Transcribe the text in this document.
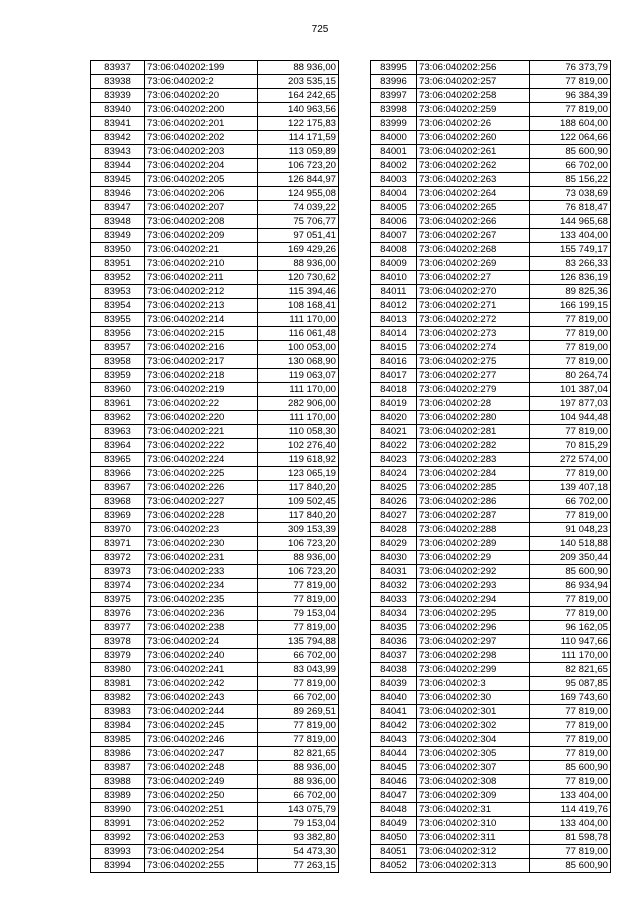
725
83937	73:06:040202:199	88 936,00
83938	73:06:040202:2	203 535,15
83939	73:06:040202:20	164 242,65
83940	73:06:040202:200	140 963,56
83941	73:06:040202:201	122 175,83
83942	73:06:040202:202	114 171,59
83943	73:06:040202:203	113 059,89
83944	73:06:040202:204	106 723,20
83945	73:06:040202:205	126 844,97
83946	73:06:040202:206	124 955,08
83947	73:06:040202:207	74 039,22
83948	73:06:040202:208	75 706,77
83949	73:06:040202:209	97 051,41
83950	73:06:040202:21	169 429,26
83951	73:06:040202:210	88 936,00
83952	73:06:040202:211	120 730,62
83953	73:06:040202:212	115 394,46
83954	73:06:040202:213	108 168,41
83955	73:06:040202:214	111 170,00
83956	73:06:040202:215	116 061,48
83957	73:06:040202:216	100 053,00
83958	73:06:040202:217	130 068,90
83959	73:06:040202:218	119 063,07
83960	73:06:040202:219	111 170,00
83961	73:06:040202:22	282 906,00
83962	73:06:040202:220	111 170,00
83963	73:06:040202:221	110 058,30
83964	73:06:040202:222	102 276,40
83965	73:06:040202:224	119 618,92
83966	73:06:040202:225	123 065,19
83967	73:06:040202:226	117 840,20
83968	73:06:040202:227	109 502,45
83969	73:06:040202:228	117 840,20
83970	73:06:040202:23	309 153,39
83971	73:06:040202:230	106 723,20
83972	73:06:040202:231	88 936,00
83973	73:06:040202:233	106 723,20
83974	73:06:040202:234	77 819,00
83975	73:06:040202:235	77 819,00
83976	73:06:040202:236	79 153,04
83977	73:06:040202:238	77 819,00
83978	73:06:040202:24	135 794,88
83979	73:06:040202:240	66 702,00
83980	73:06:040202:241	83 043,99
83981	73:06:040202:242	77 819,00
83982	73:06:040202:243	66 702,00
83983	73:06:040202:244	89 269,51
83984	73:06:040202:245	77 819,00
83985	73:06:040202:246	77 819,00
83986	73:06:040202:247	82 821,65
83987	73:06:040202:248	88 936,00
83988	73:06:040202:249	88 936,00
83989	73:06:040202:250	66 702,00
83990	73:06:040202:251	143 075,79
83991	73:06:040202:252	79 153,04
83992	73:06:040202:253	93 382,80
83993	73:06:040202:254	54 473,30
83994	73:06:040202:255	77 263,15
83995	73:06:040202:256	76 373,79
83996	73:06:040202:257	77 819,00
83997	73:06:040202:258	96 384,39
83998	73:06:040202:259	77 819,00
83999	73:06:040202:26	188 604,00
84000	73:06:040202:260	122 064,66
84001	73:06:040202:261	85 600,90
84002	73:06:040202:262	66 702,00
84003	73:06:040202:263	85 156,22
84004	73:06:040202:264	73 038,69
84005	73:06:040202:265	76 818,47
84006	73:06:040202:266	144 965,68
84007	73:06:040202:267	133 404,00
84008	73:06:040202:268	155 749,17
84009	73:06:040202:269	83 266,33
84010	73:06:040202:27	126 836,19
84011	73:06:040202:270	89 825,36
84012	73:06:040202:271	166 199,15
84013	73:06:040202:272	77 819,00
84014	73:06:040202:273	77 819,00
84015	73:06:040202:274	77 819,00
84016	73:06:040202:275	77 819,00
84017	73:06:040202:277	80 264,74
84018	73:06:040202:279	101 387,04
84019	73:06:040202:28	197 877,03
84020	73:06:040202:280	104 944,48
84021	73:06:040202:281	77 819,00
84022	73:06:040202:282	70 815,29
84023	73:06:040202:283	272 574,00
84024	73:06:040202:284	77 819,00
84025	73:06:040202:285	139 407,18
84026	73:06:040202:286	66 702,00
84027	73:06:040202:287	77 819,00
84028	73:06:040202:288	91 048,23
84029	73:06:040202:289	140 518,88
84030	73:06:040202:29	209 350,44
84031	73:06:040202:292	85 600,90
84032	73:06:040202:293	86 934,94
84033	73:06:040202:294	77 819,00
84034	73:06:040202:295	77 819,00
84035	73:06:040202:296	96 162,05
84036	73:06:040202:297	110 947,66
84037	73:06:040202:298	111 170,00
84038	73:06:040202:299	82 821,65
84039	73:06:040202:3	95 087,85
84040	73:06:040202:30	169 743,60
84041	73:06:040202:301	77 819,00
84042	73:06:040202:302	77 819,00
84043	73:06:040202:304	77 819,00
84044	73:06:040202:305	77 819,00
84045	73:06:040202:307	85 600,90
84046	73:06:040202:308	77 819,00
84047	73:06:040202:309	133 404,00
84048	73:06:040202:31	114 419,76
84049	73:06:040202:310	133 404,00
84050	73:06:040202:311	81 598,78
84051	73:06:040202:312	77 819,00
84052	73:06:040202:313	85 600,90
